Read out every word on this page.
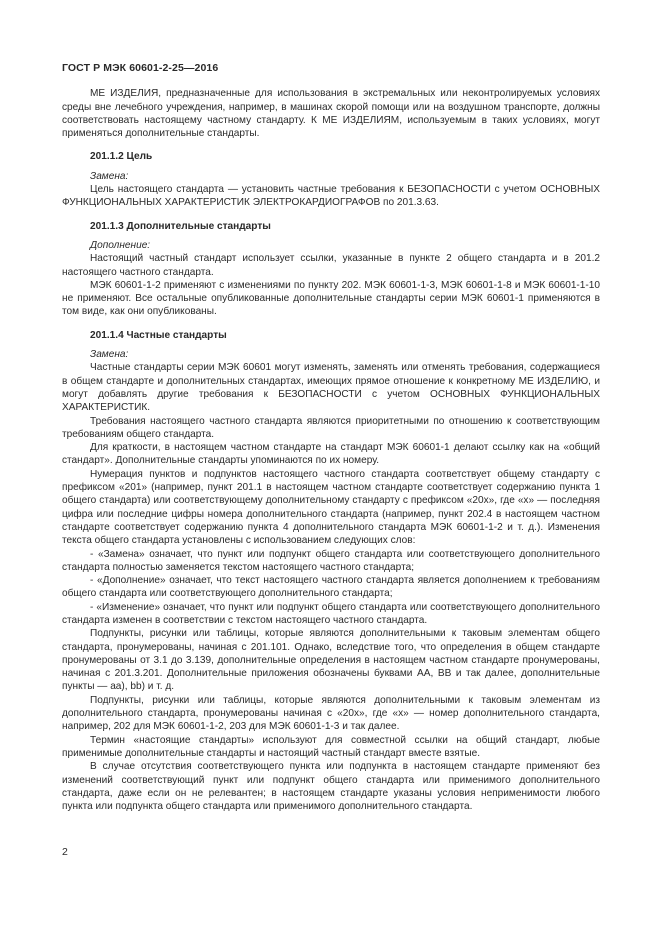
ГОСТ Р МЭК 60601-2-25—2016

МЕ ИЗДЕЛИЯ, предназначенные для использования в экстремальных или неконтролируемых условиях среды вне лечебного учреждения, например, в машинах скорой помощи или на воздушном транспорте, должны соответствовать настоящему частному стандарту. К МЕ ИЗДЕЛИЯМ, используемым в таких условиях, могут применяться дополнительные стандарты.

201.1.2 Цель
Замена:

Цель настоящего стандарта — установить частные требования к БЕЗОПАСНОСТИ с учетом ОСНОВНЫХ ФУНКЦИОНАЛЬНЫХ ХАРАКТЕРИСТИК ЭЛЕКТРОКАРДИОГРАФОВ по 201.3.63.

201.1.3 Дополнительные стандарты
Дополнение:

Настоящий частный стандарт использует ссылки, указанные в пункте 2 общего стандарта и в 201.2 настоящего частного стандарта.

МЭК 60601-1-2 применяют с изменениями по пункту 202. МЭК 60601-1-3, МЭК 60601-1-8 и МЭК 60601-1-10 не применяют. Все остальные опубликованные дополнительные стандарты серии МЭК 60601-1 применяются в том виде, как они опубликованы.

201.1.4 Частные стандарты
Замена:

Частные стандарты серии МЭК 60601 могут изменять, заменять или отменять требования, содержащиеся в общем стандарте и дополнительных стандартах, имеющих прямое отношение к конкретному МЕ ИЗДЕЛИЮ, и могут добавлять другие требования к БЕЗОПАСНОСТИ с учетом ОСНОВНЫХ ФУНКЦИОНАЛЬНЫХ ХАРАКТЕРИСТИК.

Требования настоящего частного стандарта являются приоритетными по отношению к соответствующим требованиям общего стандарта.

Для краткости, в настоящем частном стандарте на стандарт МЭК 60601-1 делают ссылку как на «общий стандарт». Дополнительные стандарты упоминаются по их номеру.

Нумерация пунктов и подпунктов настоящего частного стандарта соответствует общему стандарту с префиксом «201» (например, пункт 201.1 в настоящем частном стандарте соответствует содержанию пункта 1 общего стандарта) или соответствующему дополнительному стандарту с префиксом «20х», где «х» — последняя цифра или последние цифры номера дополнительного стандарта (например, пункт 202.4 в настоящем частном стандарте соответствует содержанию пункта 4 дополнительного стандарта МЭК 60601-1-2 и т. д.). Изменения текста общего стандарта установлены с использованием следующих слов:

- «Замена» означает, что пункт или подпункт общего стандарта или соответствующего дополнительного стандарта полностью заменяется текстом настоящего частного стандарта;

- «Дополнение» означает, что текст настоящего частного стандарта является дополнением к требованиям общего стандарта или соответствующего дополнительного стандарта;

- «Изменение» означает, что пункт или подпункт общего стандарта или соответствующего дополнительного стандарта изменен в соответствии с текстом настоящего частного стандарта.

Подпункты, рисунки или таблицы, которые являются дополнительными к таковым элементам общего стандарта, пронумерованы, начиная с 201.101. Однако, вследствие того, что определения в общем стандарте пронумерованы от 3.1 до 3.139, дополнительные определения в настоящем частном стандарте пронумерованы, начиная с 201.3.201. Дополнительные приложения обозначены буквами АА, ВВ и так далее, дополнительные пункты — аа), bb) и т. д.

Подпункты, рисунки или таблицы, которые являются дополнительными к таковым элементам из дополнительного стандарта, пронумерованы начиная с «20х», где «х» — номер дополнительного стандарта, например, 202 для МЭК 60601-1-2, 203 для МЭК 60601-1-3 и так далее.

Термин «настоящие стандарты» используют для совместной ссылки на общий стандарт, любые применимые дополнительные стандарты и настоящий частный стандарт вместе взятые.

В случае отсутствия соответствующего пункта или подпункта в настоящем стандарте применяют без изменений соответствующий пункт или подпункт общего стандарта или применимого дополнительного стандарта, даже если он не релевантен; в настоящем стандарте указаны условия неприменимости любого пункта или подпункта общего стандарта или применимого дополнительного стандарта.

2
